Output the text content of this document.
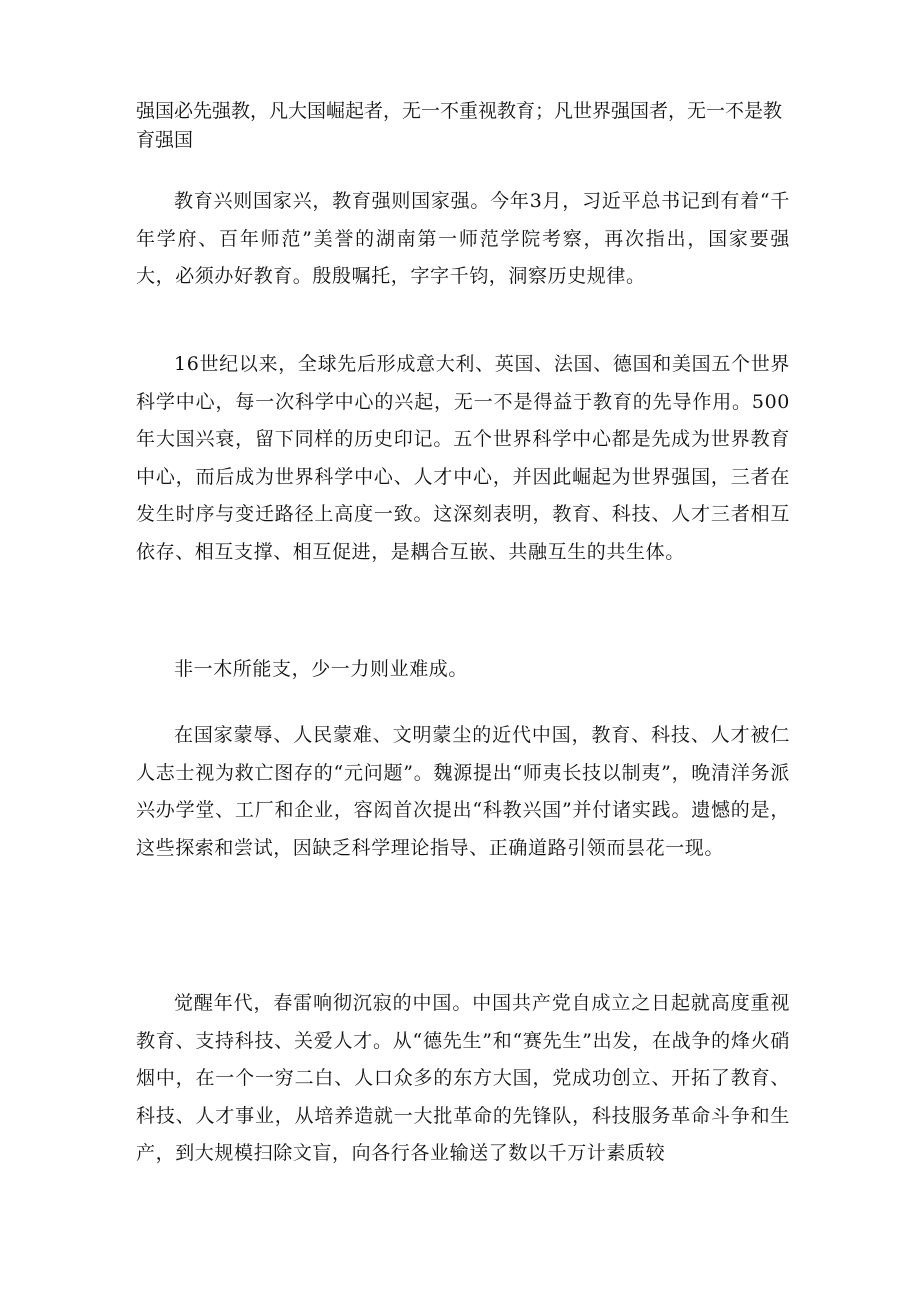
强国必先强教，凡大国崛起者，无一不重视教育；凡世界强国者，无一不是教育强国

教育兴则国家兴，教育强则国家强。今年3月，习近平总书记到有着“千年学府、百年师范”美誉的湖南第一师范学院考察，再次指出，国家要强大，必须办好教育。殷殷嘱托，字字千钧，洞察历史规律。

16世纪以来，全球先后形成意大利、英国、法国、德国和美国五个世界科学中心，每一次科学中心的兴起，无一不是得益于教育的先导作用。500年大国兴衰，留下同样的历史印记。五个世界科学中心都是先成为世界教育中心，而后成为世界科学中心、人才中心，并因此崛起为世界强国，三者在发生时序与变迁路径上高度一致。这深刻表明，教育、科技、人才三者相互依存、相互支撑、相互促进，是耦合互嵌、共融互生的共生体。

非一木所能支，少一力则业难成。

在国家蒙辱、人民蒙难、文明蒙尘的近代中国，教育、科技、人才被仁人志士视为救亡图存的“元问题”。魏源提出“师夷长技以制夷”，晚清洋务派兴办学堂、工厂和企业，容闳首次提出“科教兴国”并付诸实践。遗憾的是，这些探索和尝试，因缺乏科学理论指导、正确道路引领而昙花一现。

觉醒年代，春雷响彻沉寂的中国。中国共产党自成立之日起就高度重视教育、支持科技、关爱人才。从“德先生”和“赛先生”出发，在战争的烽火硝烟中，在一个一穷二白、人口众多的东方大国，党成功创立、开拓了教育、科技、人才事业，从培养造就一大批革命的先锋队，科技服务革命斗争和生产，到大规模扫除文盲，向各行各业输送了数以千万计素质较
